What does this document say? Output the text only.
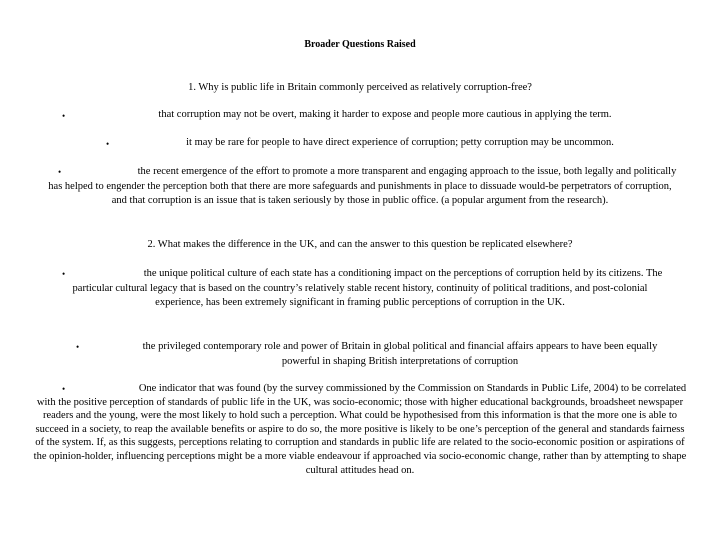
Broader Questions Raised

1. Why is public life in Britain commonly perceived as relatively corruption-free?

•	that corruption may not be overt, making it harder to expose and people more cautious in applying the term.

•	it may be rare for people to have direct experience of corruption; petty corruption may be uncommon.

•	the recent emergence of the effort to promote a more transparent and engaging approach to the issue, both legally and politically has helped to engender the perception both that there are more safeguards and punishments in place to dissuade would-be perpetrators of corruption, and that corruption is an issue that is taken seriously by those in public office. (a popular argument from the research).

2. What makes the difference in the UK, and can the answer to this question be replicated elsewhere?

•	the unique political culture of each state has a conditioning impact on the perceptions of corruption held by its citizens. The particular cultural legacy that is based on the country’s relatively stable recent history, continuity of political traditions, and post-colonial experience, has been extremely significant in framing public perceptions of corruption in the UK.

•	the privileged contemporary role and power of Britain in global political and financial affairs appears to have been equally powerful in shaping British interpretations of corruption

•	One indicator that was found (by the survey commissioned by the Commission on Standards in Public Life, 2004) to be correlated with the positive perception of standards of public life in the UK, was socio-economic; those with higher educational backgrounds, broadsheet newspaper readers and the young, were the most likely to hold such a perception. What could be hypothesised from this information is that the more one is able to succeed in a society, to reap the available benefits or aspire to do so, the more positive is likely to be one’s perception of the general and standards fairness of the system. If, as this suggests, perceptions relating to corruption and standards in public life are related to the socio-economic position or aspirations of the opinion-holder, influencing perceptions might be a more viable endeavour if approached via socio-economic change, rather than by attempting to shape cultural attitudes head on.
